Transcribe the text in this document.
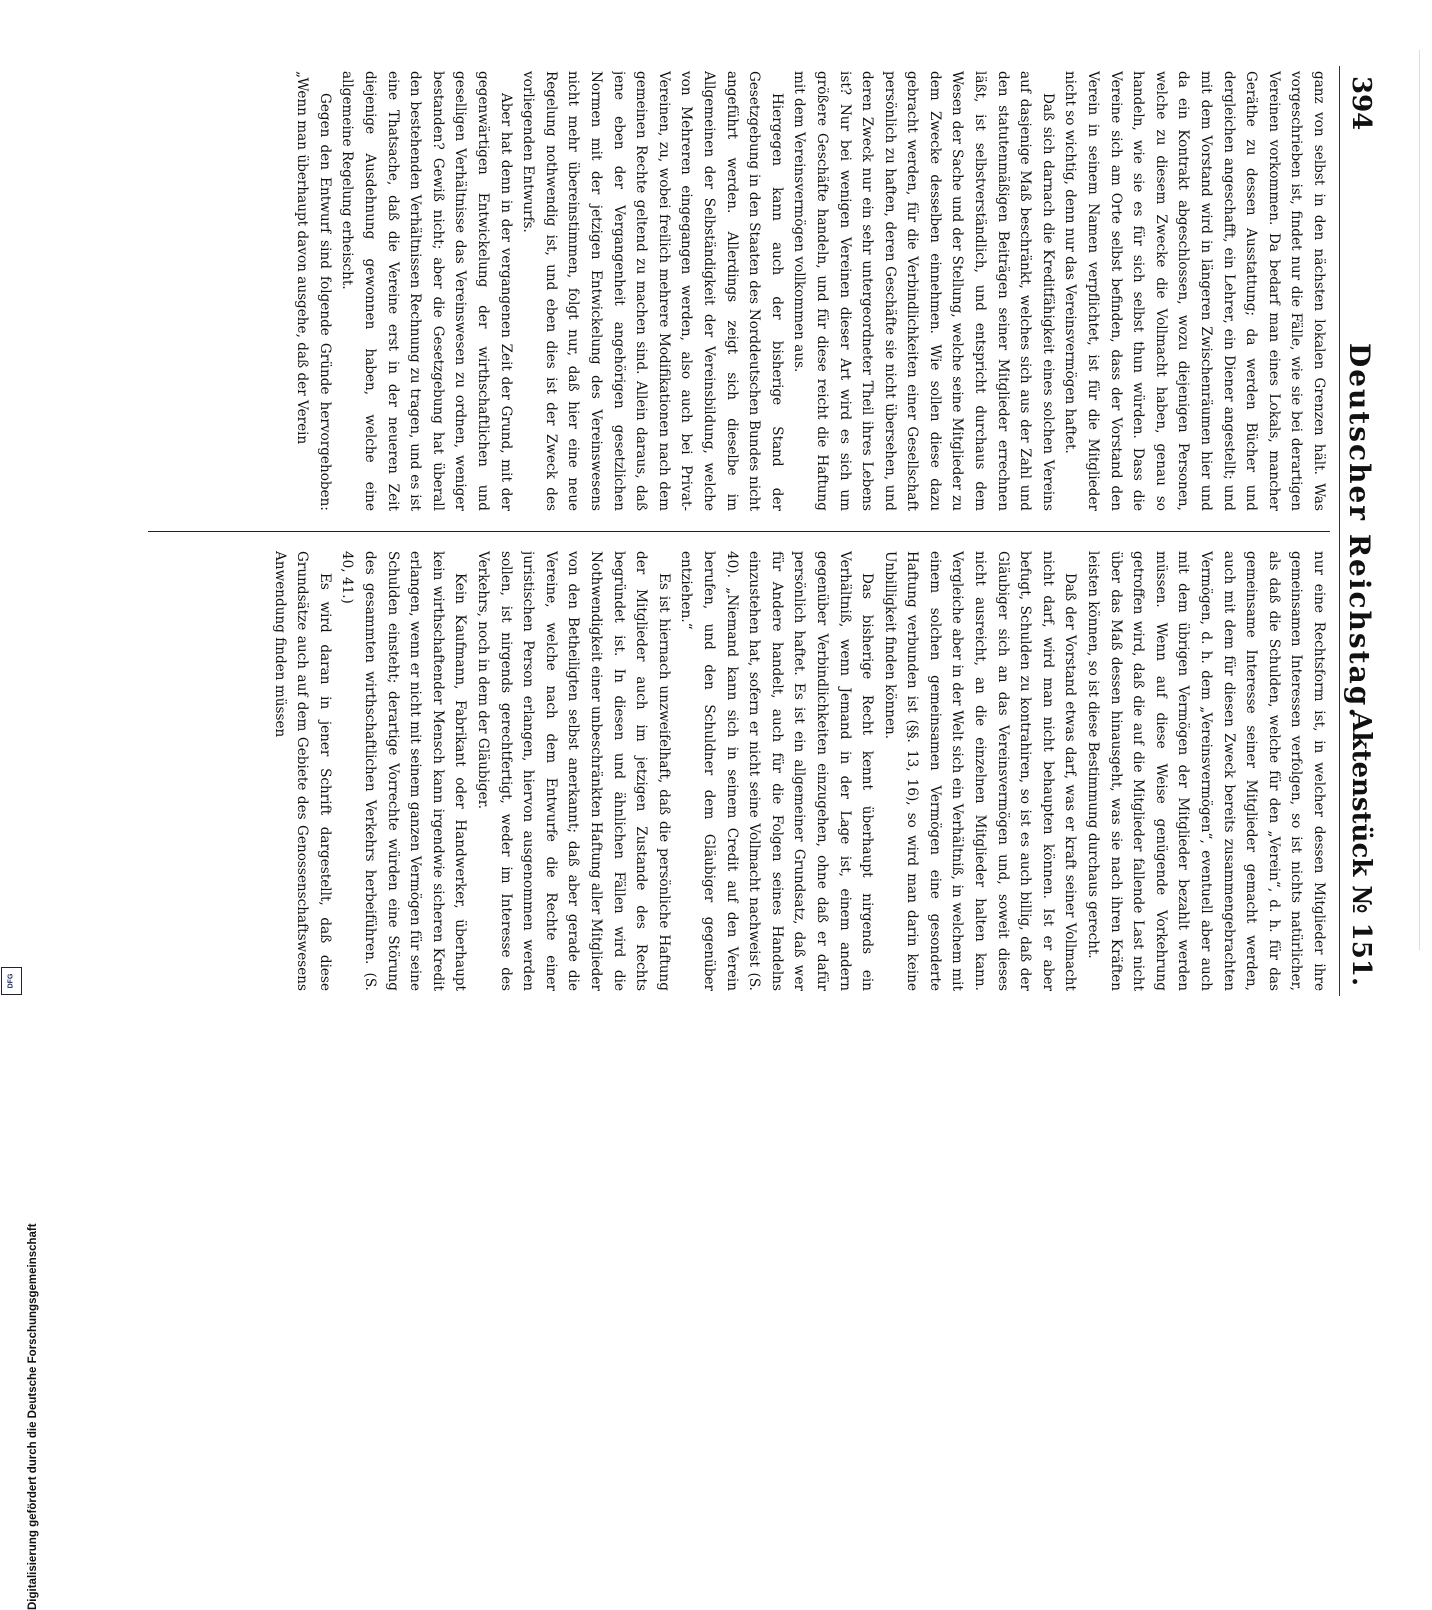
394
Deutscher Reichstag.
Aktenstück № 151.

ganz von selbst in den nächsten lokalen Grenzen hält. Was vorgeschrieben ist, findet nur die Fälle, wie sie bei derartigen Vereinen vorkommen. Da bedarf man eines Lokals, mancher Geräthe zu dessen Ausstattung; da werden Bücher und dergleichen angeschafft, ein Lehrer, ein Diener angestellt; und mit dem Vorstand wird in längeren Zwischenräumen hier und da ein Kontrakt abgeschlossen, wozu diejenigen Personen, welche zu diesem Zwecke die Vollmacht haben, genau so handeln, wie sie es für sich selbst thun würden. Dass die Vereine sich am Orte selbst befinden, dass der Vorstand den Verein in seinem Namen verpflichtet, ist für die Mitglieder nicht so wichtig, denn nur das Vereinsvermögen haftet.

Daß sich darnach die Kreditfähigkeit eines solchen Vereins auf dasjenige Maß beschränkt, welches sich aus der Zahl und den statutenmäßigen Beiträgen seiner Mitglieder errechnen läßt, ist selbstverständlich, und entspricht durchaus dem Wesen der Sache und der Stellung, welche seine Mitglieder zu dem Zwecke desselben einnehmen. Wie sollen diese dazu gebracht werden, für die Verbindlichkeiten einer Gesellschaft persönlich zu haften, deren Geschäfte sie nicht übersehen, und deren Zweck nur ein sehr untergeordneter Theil ihres Lebens ist? Nur bei wenigen Vereinen dieser Art wird es sich um größere Geschäfte handeln, und für diese reicht die Haftung mit dem Vereinsvermögen vollkommen aus.

Hiergegen kann auch der bisherige Stand der Gesetzgebung in den Staaten des Norddeutschen Bundes nicht angeführt werden. Allerdings zeigt sich dieselbe im Allgemeinen der Selbständigkeit der Vereinsbildung, welche von Mehreren eingegangen werden, also auch bei Privat-Vereinen, zu, wobei freilich mehrere Modifikationen nach dem gemeinen Rechte geltend zu machen sind. Allein daraus, daß jene eben der Vergangenheit angehörigen gesetzlichen Normen mit der jetzigen Entwickelung des Vereinswesens nicht mehr übereinstimmen, folgt nur, daß hier eine neue Regelung nothwendig ist, und eben dies ist der Zweck des vorliegenden Entwurfs.

Aber hat denn in der vergangenen Zeit der Grund, mit der gegenwärtigen Entwickelung der wirthschaftlichen und geselligen Verhältnisse das Vereinswesen zu ordnen, weniger bestanden? Gewiß nicht; aber die Gesetzgebung hat überall den bestehenden Verhältnissen Rechnung zu tragen, und es ist eine Thatsache, daß die Vereine erst in der neueren Zeit diejenige Ausdehnung gewonnen haben, welche eine allgemeine Regelung erheischt.

Gegen den Entwurf sind folgende Gründe hervorgehoben: „Wenn man überhaupt davon ausgehe, daß der Verein

nur eine Rechtsform ist, in welcher dessen Mitglieder ihre gemeinsamen Interessen verfolgen, so ist nichts natürlicher, als daß die Schulden, welche für den „Verein“, d. h. für das gemeinsame Interesse seiner Mitglieder gemacht werden, auch mit dem für diesen Zweck bereits zusammengebrachten Vermögen, d. h. dem „Vereinsvermögen“, eventuell aber auch mit dem übrigen Vermögen der Mitglieder bezahlt werden müssen. Wenn auf diese Weise genügende Vorkehrung getroffen wird, daß die auf die Mitglieder fallende Last nicht über das Maß dessen hinausgeht, was sie nach ihren Kräften leisten können, so ist diese Bestimmung durchaus gerecht.

Daß der Vorstand etwas darf, was er kraft seiner Vollmacht nicht darf, wird man nicht behaupten können. Ist er aber befugt, Schulden zu kontrahiren, so ist es auch billig, daß der Gläubiger sich an das Vereinsvermögen und, soweit dieses nicht ausreicht, an die einzelnen Mitglieder halten kann. Vergleiche aber in der Welt sich ein Verhältniß, in welchem mit einem solchen gemeinsamen Vermögen eine gesonderte Haftung verbunden ist (§§. 13, 16), so wird man darin keine Unbilligkeit finden können.

Das bisherige Recht kennt überhaupt nirgends ein Verhältniß, wenn Jemand in der Lage ist, einem andern gegenüber Verbindlichkeiten einzugehen, ohne daß er dafür persönlich haftet. Es ist ein allgemeiner Grundsatz, daß wer für Andere handelt, auch für die Folgen seines Handelns einzustehen hat, sofern er nicht seine Vollmacht nachweist (S. 40). „Niemand kann sich in seinem Credit auf den Verein berufen, und den Schuldner dem Gläubiger gegenüber entziehen.“

Es ist hiernach unzweifelhaft, daß die persönliche Haftung der Mitglieder auch im jetzigen Zustande des Rechts begründet ist. In diesen und ähnlichen Fällen wird die Nothwendigkeit einer unbeschränkten Haftung aller Mitglieder von den Betheiligten selbst anerkannt; daß aber gerade die Vereine, welche nach dem Entwurfe die Rechte einer juristischen Person erlangen, hiervon ausgenommen werden sollen, ist nirgends gerechtfertigt, weder im Interesse des Verkehrs, noch in dem der Gläubiger.

Kein Kaufmann, Fabrikant oder Handwerker, überhaupt kein wirthschaftender Mensch kann irgendwie sicheren Kredit erlangen, wenn er nicht mit seinem ganzen Vermögen für seine Schulden einsteht; derartige Vorrechte würden eine Störung des gesammten wirthschaftlichen Verkehrs herbeiführen. (S. 40, 41.)

Es wird daran in jener Schrift dargestellt, daß diese Grundsätze auch auf dem Gebiete des Genossenschaftswesens Anwendung finden müssen

Digitalisierung gefördert durch die Deutsche Forschungsgemeinschaft
DFG
